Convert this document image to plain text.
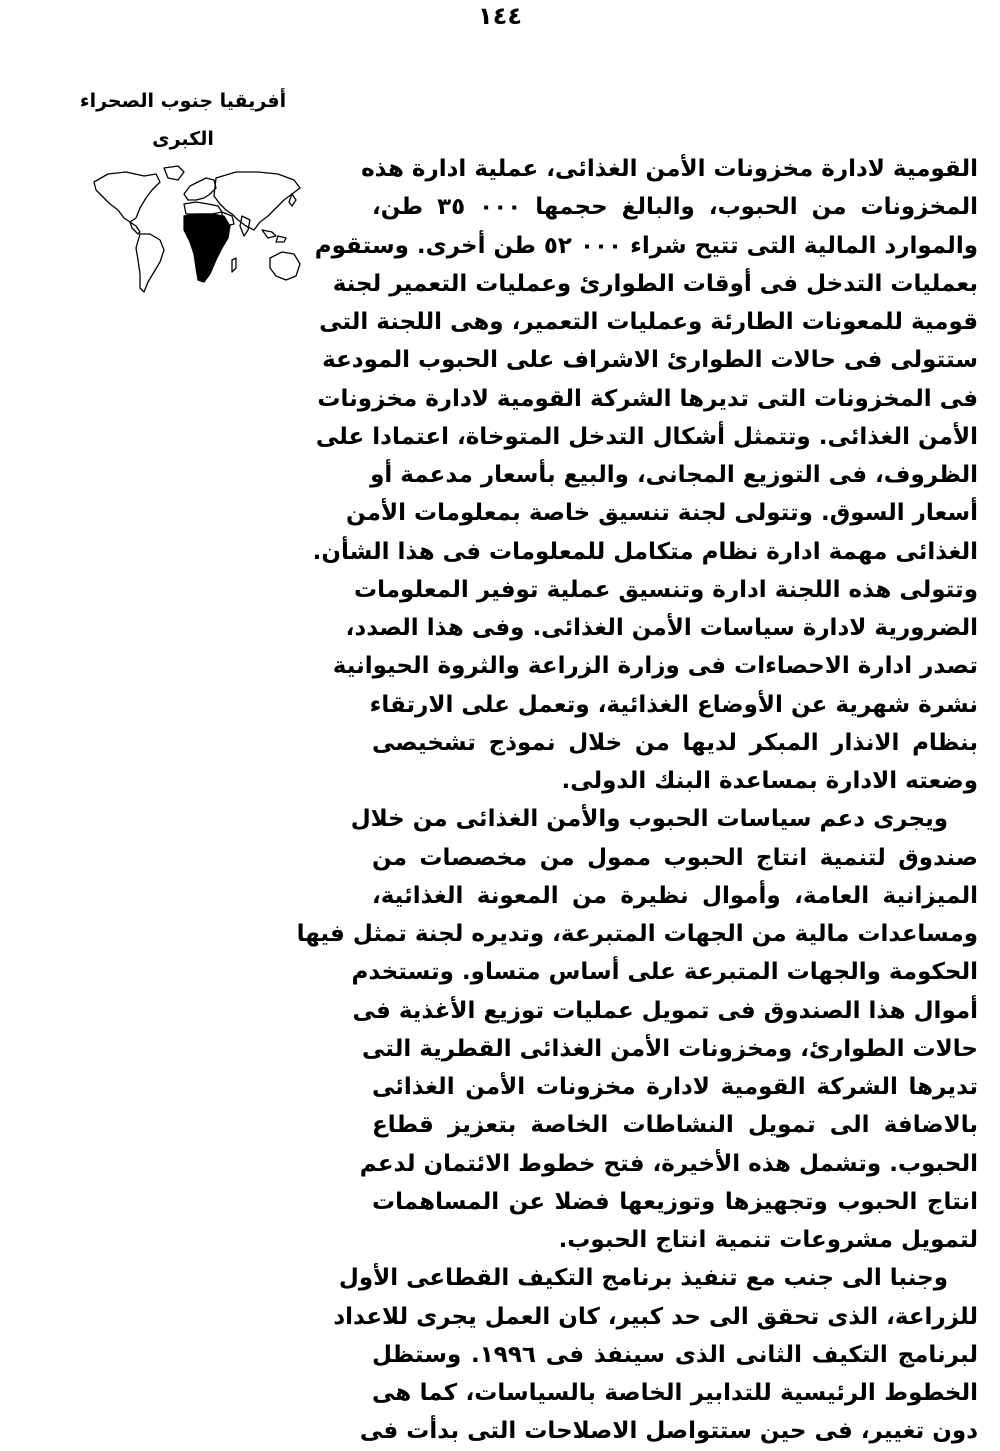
١٤٤
أفريقيا جنوب الصحراء
الكبرى
القومية لادارة مخزونات الأمن الغذائى، عملية ادارة هذه
المخزونات من الحبوب، والبالغ حجمها ٠٠٠ ٣٥ طن،
والموارد المالية التى تتيح شراء ٠٠٠ ٥٢ طن أخرى. وستقوم
بعمليات التدخل فى أوقات الطوارئ وعمليات التعمير لجنة
قومية للمعونات الطارئة وعمليات التعمير، وهى اللجنة التى
ستتولى فى حالات الطوارئ الاشراف على الحبوب المودعة
فى المخزونات التى تديرها الشركة القومية لادارة مخزونات
الأمن الغذائى. وتتمثل أشكال التدخل المتوخاة، اعتمادا على
الظروف، فى التوزيع المجانى، والبيع بأسعار مدعمة أو
أسعار السوق. وتتولى لجنة تنسيق خاصة بمعلومات الأمن
الغذائى مهمة ادارة نظام متكامل للمعلومات فى هذا الشأن.
وتتولى هذه اللجنة ادارة وتنسيق عملية توفير المعلومات
الضرورية لادارة سياسات الأمن الغذائى. وفى هذا الصدد،
تصدر ادارة الاحصاءات فى وزارة الزراعة والثروة الحيوانية
نشرة شهرية عن الأوضاع الغذائية، وتعمل على الارتقاء
بنظام الانذار المبكر لديها من خلال نموذج تشخيصى
وضعته الادارة بمساعدة البنك الدولى.
ويجرى دعم سياسات الحبوب والأمن الغذائى من خلال
صندوق لتنمية انتاج الحبوب ممول من مخصصات من
الميزانية العامة، وأموال نظيرة من المعونة الغذائية،
ومساعدات مالية من الجهات المتبرعة، وتديره لجنة تمثل فيها
الحكومة والجهات المتبرعة على أساس متساو. وتستخدم
أموال هذا الصندوق فى تمويل عمليات توزيع الأغذية فى
حالات الطوارئ، ومخزونات الأمن الغذائى القطرية التى
تديرها الشركة القومية لادارة مخزونات الأمن الغذائى
بالاضافة الى تمويل النشاطات الخاصة بتعزيز قطاع
الحبوب. وتشمل هذه الأخيرة، فتح خطوط الائتمان لدعم
انتاج الحبوب وتجهيزها وتوزيعها فضلا عن المساهمات
لتمويل مشروعات تنمية انتاج الحبوب.
وجنبا الى جنب مع تنفيذ برنامج التكيف القطاعى الأول
للزراعة، الذى تحقق الى حد كبير، كان العمل يجرى للاعداد
لبرنامج التكيف الثانى الذى سينفذ فى ١٩٩٦. وستظل
الخطوط الرئيسية للتدابير الخاصة بالسياسات، كما هى
دون تغيير، فى حين ستتواصل الاصلاحات التى بدأت فى
